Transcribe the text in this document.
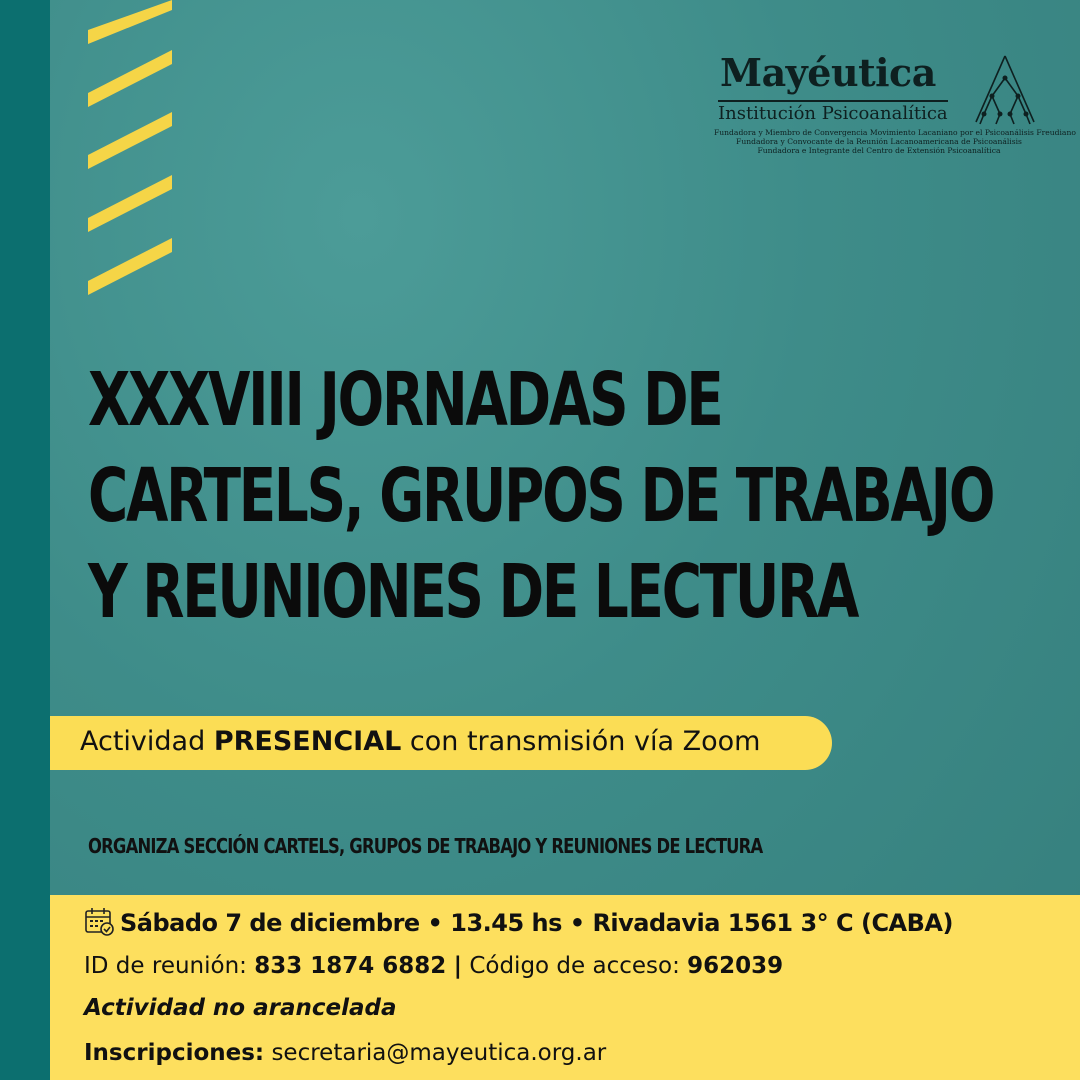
Mayéutica
Institución Psicoanalítica
Fundadora y Miembro de Convergencia Movimiento Lacaniano por el Psicoanálisis Freudiano
Fundadora y Convocante de la Reunión Lacanoamericana de Psicoanálisis
Fundadora e Integrante del Centro de Extensión Psicoanalítica
XXXVIII JORNADAS DE
CARTELS, GRUPOS DE TRABAJO
Y REUNIONES DE LECTURA
Actividad PRESENCIAL con transmisión vía Zoom
ORGANIZA SECCIÓN CARTELS, GRUPOS DE TRABAJO Y REUNIONES DE LECTURA
Sábado 7 de diciembre • 13.45 hs • Rivadavia 1561 3° C (CABA)
ID de reunión: 833 1874 6882 | Código de acceso: 962039
Actividad no arancelada
Inscripciones: secretaria@mayeutica.org.ar
